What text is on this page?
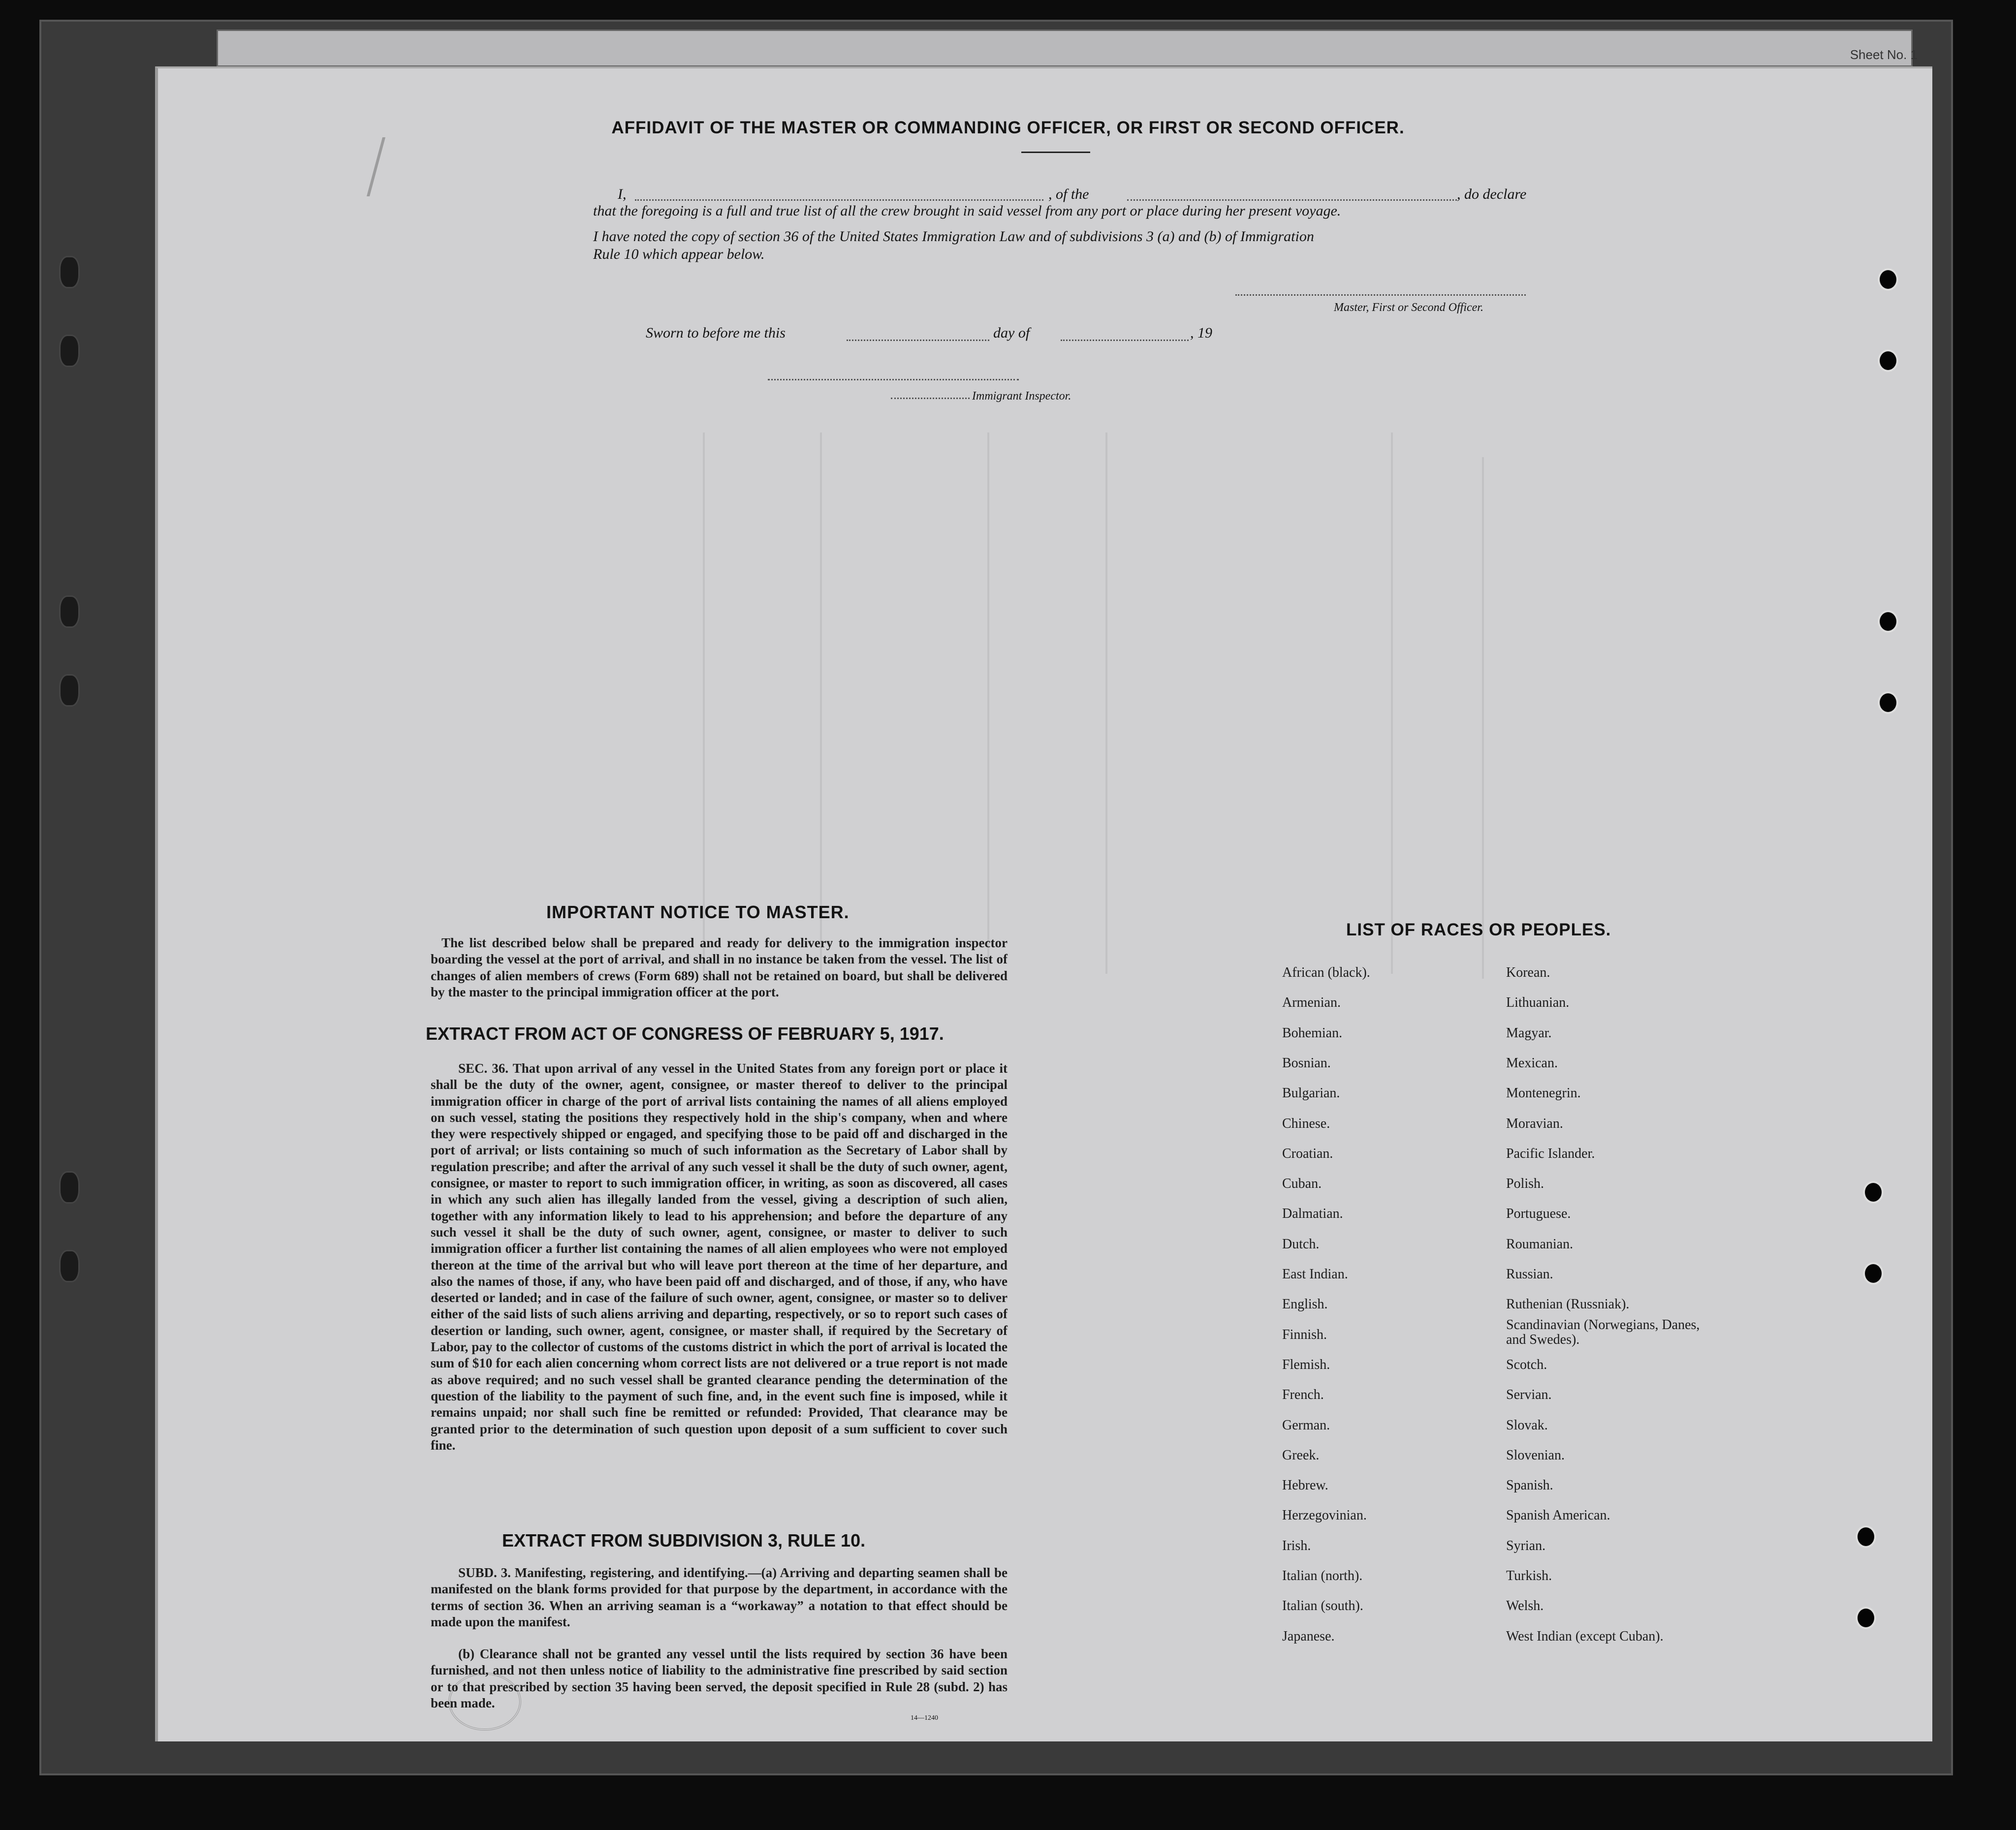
Sheet No. 1
AFFIDAVIT OF THE MASTER OR COMMANDING OFFICER, OR FIRST OR SECOND OFFICER.
I,	, of the	, do declare
that the foregoing is a full and true list of all the crew brought in said vessel from any port or place during her present voyage.
I have noted the copy of section 36 of the United States Immigration Law and of subdivisions 3 (a) and (b) of Immigration
Rule 10 which appear below.
Master, First or Second Officer.
Sworn to before me this	day of	, 19
Immigrant Inspector.
IMPORTANT NOTICE TO MASTER.
The list described below shall be prepared and ready for delivery to the immigration inspector boarding the vessel at the port of arrival, and shall in no instance be taken from the vessel. The list of changes of alien members of crews (Form 689) shall not be retained on board, but shall be delivered by the master to the principal immigration officer at the port.
EXTRACT FROM ACT OF CONGRESS OF FEBRUARY 5, 1917.
SEC. 36. That upon arrival of any vessel in the United States from any foreign port or place it shall be the duty of the owner, agent, consignee, or master thereof to deliver to the principal immigration officer in charge of the port of arrival lists containing the names of all aliens employed on such vessel, stating the positions they respectively hold in the ship's company, when and where they were respectively shipped or engaged, and specifying those to be paid off and discharged in the port of arrival; or lists containing so much of such information as the Secretary of Labor shall by regulation prescribe; and after the arrival of any such vessel it shall be the duty of such owner, agent, consignee, or master to report to such immigration officer, in writing, as soon as discovered, all cases in which any such alien has illegally landed from the vessel, giving a description of such alien, together with any information likely to lead to his apprehension; and before the departure of any such vessel it shall be the duty of such owner, agent, consignee, or master to deliver to such immigration officer a further list containing the names of all alien employees who were not employed thereon at the time of the arrival but who will leave port thereon at the time of her departure, and also the names of those, if any, who have been paid off and discharged, and of those, if any, who have deserted or landed; and in case of the failure of such owner, agent, consignee, or master so to deliver either of the said lists of such aliens arriving and departing, respectively, or so to report such cases of desertion or landing, such owner, agent, consignee, or master shall, if required by the Secretary of Labor, pay to the collector of customs of the customs district in which the port of arrival is located the sum of $10 for each alien concerning whom correct lists are not delivered or a true report is not made as above required; and no such vessel shall be granted clearance pending the determination of the question of the liability to the payment of such fine, and, in the event such fine is imposed, while it remains unpaid; nor shall such fine be remitted or refunded: Provided, That clearance may be granted prior to the determination of such question upon deposit of a sum sufficient to cover such fine.
EXTRACT FROM SUBDIVISION 3, RULE 10.
SUBD. 3. Manifesting, registering, and identifying.—(a) Arriving and departing seamen shall be manifested on the blank forms provided for that purpose by the department, in accordance with the terms of section 36. When an arriving seaman is a “workaway” a notation to that effect should be made upon the manifest.
(b) Clearance shall not be granted any vessel until the lists required by section 36 have been furnished, and not then unless notice of liability to the administrative fine prescribed by said section or to that prescribed by section 35 having been served, the deposit specified in Rule 28 (subd. 2) has been made.
14—1240
LIST OF RACES OR PEOPLES.
African (black).
Armenian.
Bohemian.
Bosnian.
Bulgarian.
Chinese.
Croatian.
Cuban.
Dalmatian.
Dutch.
East Indian.
English.
Finnish.
Flemish.
French.
German.
Greek.
Hebrew.
Herzegovinian.
Irish.
Italian (north).
Italian (south).
Japanese.
Korean.
Lithuanian.
Magyar.
Mexican.
Montenegrin.
Moravian.
Pacific Islander.
Polish.
Portuguese.
Roumanian.
Russian.
Ruthenian (Russniak).
Scandinavian (Norwegians, Danes, and Swedes).
Scotch.
Servian.
Slovak.
Slovenian.
Spanish.
Spanish American.
Syrian.
Turkish.
Welsh.
West Indian (except Cuban).
